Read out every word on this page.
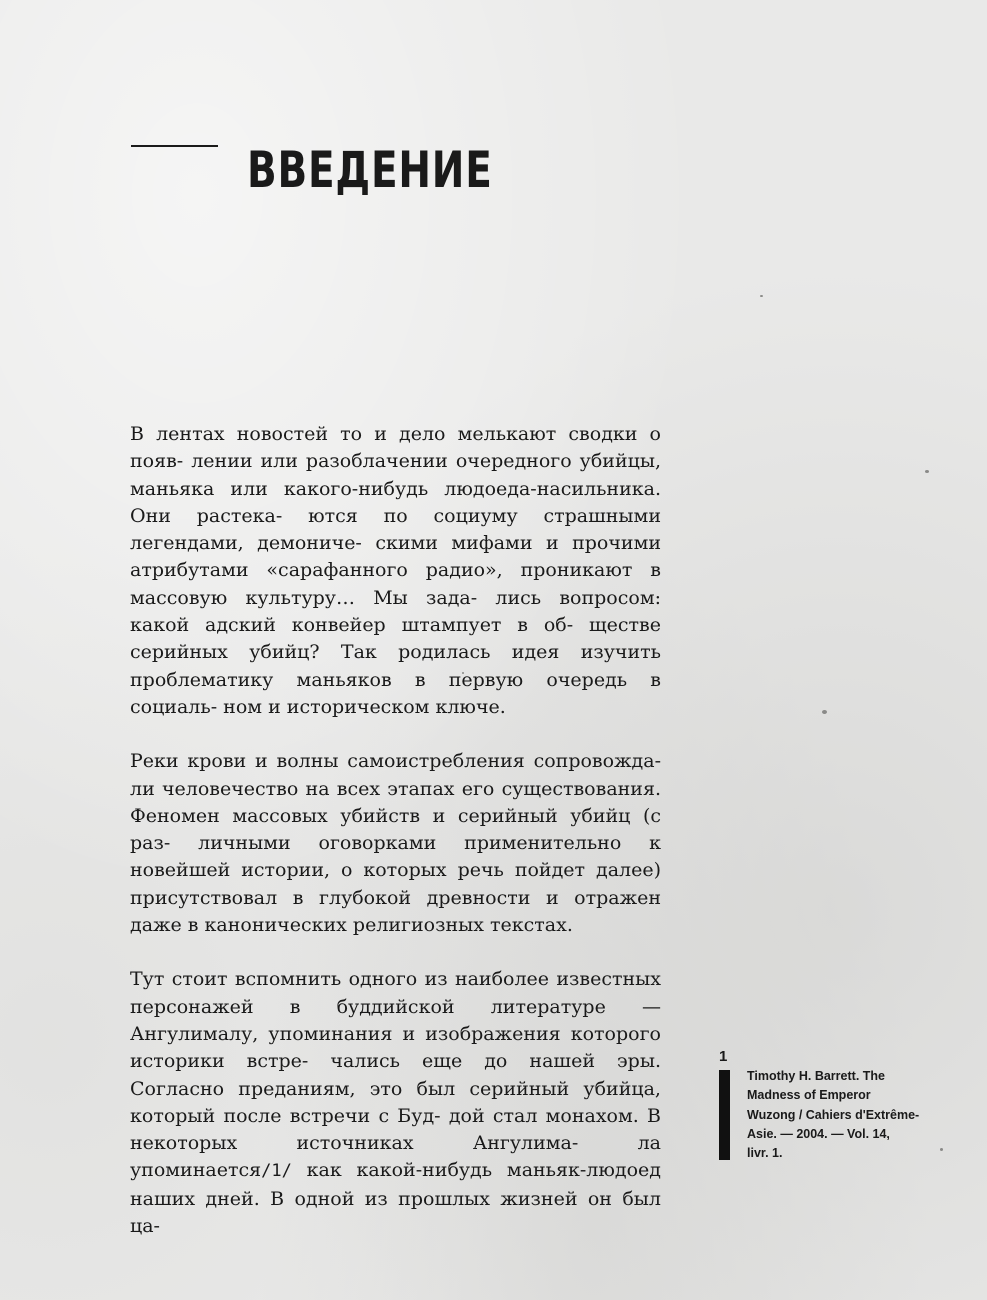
ВВЕДЕНИЕ

В лентах новостей то и дело мелькают сводки о появ- лении или разоблачении очередного убийцы, маньяка или какого-нибудь людоеда-насильника. Они растека- ются по социуму страшными легендами, демониче- скими мифами и прочими атрибутами «сарафанного радио», проникают в массовую культуру… Мы зада- лись вопросом: какой адский конвейер штампует в об- ществе серийных убийц? Так родилась идея изучить проблематику маньяков в первую очередь в социаль- ном и историческом ключе.

Реки крови и волны самоистребления сопровожда- ли человечество на всех этапах его существования. Феномен массовых убийств и серийный убийц (с раз- личными оговорками применительно к новейшей истории, о которых речь пойдет далее) присутствовал в глубокой древности и отражен даже в канонических религиозных текстах.

Тут стоит вспомнить одного из наиболее известных персонажей в буддийской литературе — Ангулималу, упоминания и изображения которого историки встре- чались еще до нашей эры. Согласно преданиям, это был серийный убийца, который после встречи с Буд- дой стал монахом. В некоторых источниках Ангулима-	ла упоминается/1/ как какой-нибудь маньяк-людоед наших дней. В одной из прошлых жизней он был ца-

1

Timothy H. Barrett. The
Madness of Emperor
Wuzong / Cahiers d'Extrême-
Asie. — 2004. — Vol. 14,
livr. 1.
